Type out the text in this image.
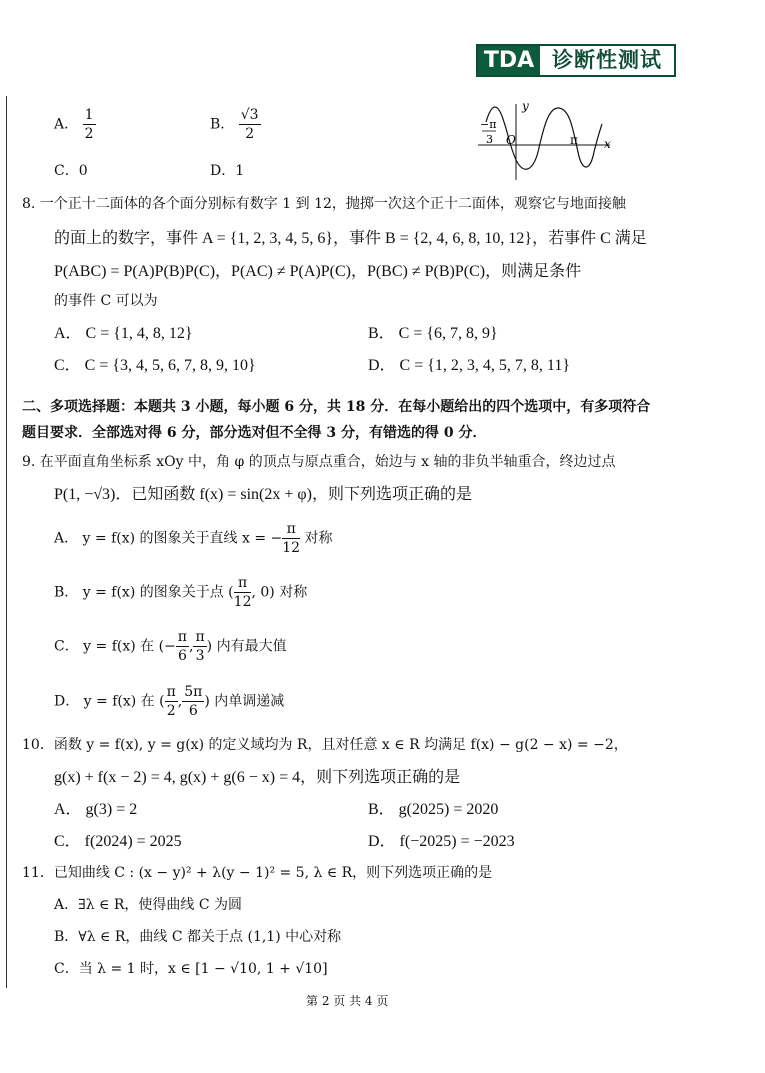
TDA 诊断性测试
A． $\frac{1}{2}$	B． $\frac{√3}{2}$
C．0	D．1
y
O	x
π
−π
3
8. 一个正十二面体的各个面分别标有数字 1 到 12，抛掷一次这个正十二面体，观察它与地面接触
的面上的数字，事件 A = {1, 2, 3, 4, 5, 6}，事件 B = {2, 4, 6, 8, 10, 12}，若事件 C 满足
P(ABC) = P(A)P(B)P(C)，P(AC) ≠ P(A)P(C)，P(BC) ≠ P(B)P(C)，则满足条件
的事件 C 可以为
A． C = {1, 4, 8, 12}	B． C = {6, 7, 8, 9}
C． C = {3, 4, 5, 6, 7, 8, 9, 10}	D． C = {1, 2, 3, 4, 5, 7, 8, 11}
二、多项选择题：本题共 3 小题，每小题 6 分，共 18 分．在每小题给出的四个选项中，有多项符合
题目要求．全部选对得 6 分，部分选对但不全得 3 分，有错选的得 0 分．
9. 在平面直角坐标系 xOy 中，角 φ 的顶点与原点重合，始边与 x 轴的非负半轴重合，终边过点
P(1, −√3)．已知函数 f(x) = sin(2x + φ)，则下列选项正确的是
A． y = f(x) 的图象关于直线 x = − $\frac{\pi}{12}$ 对称
B． y = f(x) 的图象关于点 ( $\frac{\pi}{12}$ , 0) 对称
C． y = f(x) 在 (− $\frac{\pi}{6}$ , $\frac{\pi}{3}$ ) 内有最大值
D． y = f(x) 在 ( $\frac{\pi}{2}$ , $\frac{5\pi}{6}$ ) 内单调递减
10．函数 y = f(x), y = g(x) 的定义域均为 R，且对任意 x ∈ R 均满足 f(x) − g(2 − x) = −2，
g(x) + f(x − 2) = 4, g(x) + g(6 − x) = 4，则下列选项正确的是
A． g(3) = 2	B． g(2025) = 2020
C． f(2024) = 2025	D． f(−2025) = −2023
11．已知曲线 C : (x − y)² + λ(y − 1)² = 5, λ ∈ R，则下列选项正确的是
A．∃λ ∈ R，使得曲线 C 为圆
B．∀λ ∈ R，曲线 C 都关于点 (1,1) 中心对称
C．当 λ = 1 时，x ∈ [1 − √10, 1 + √10]
第 2 页 共 4 页
